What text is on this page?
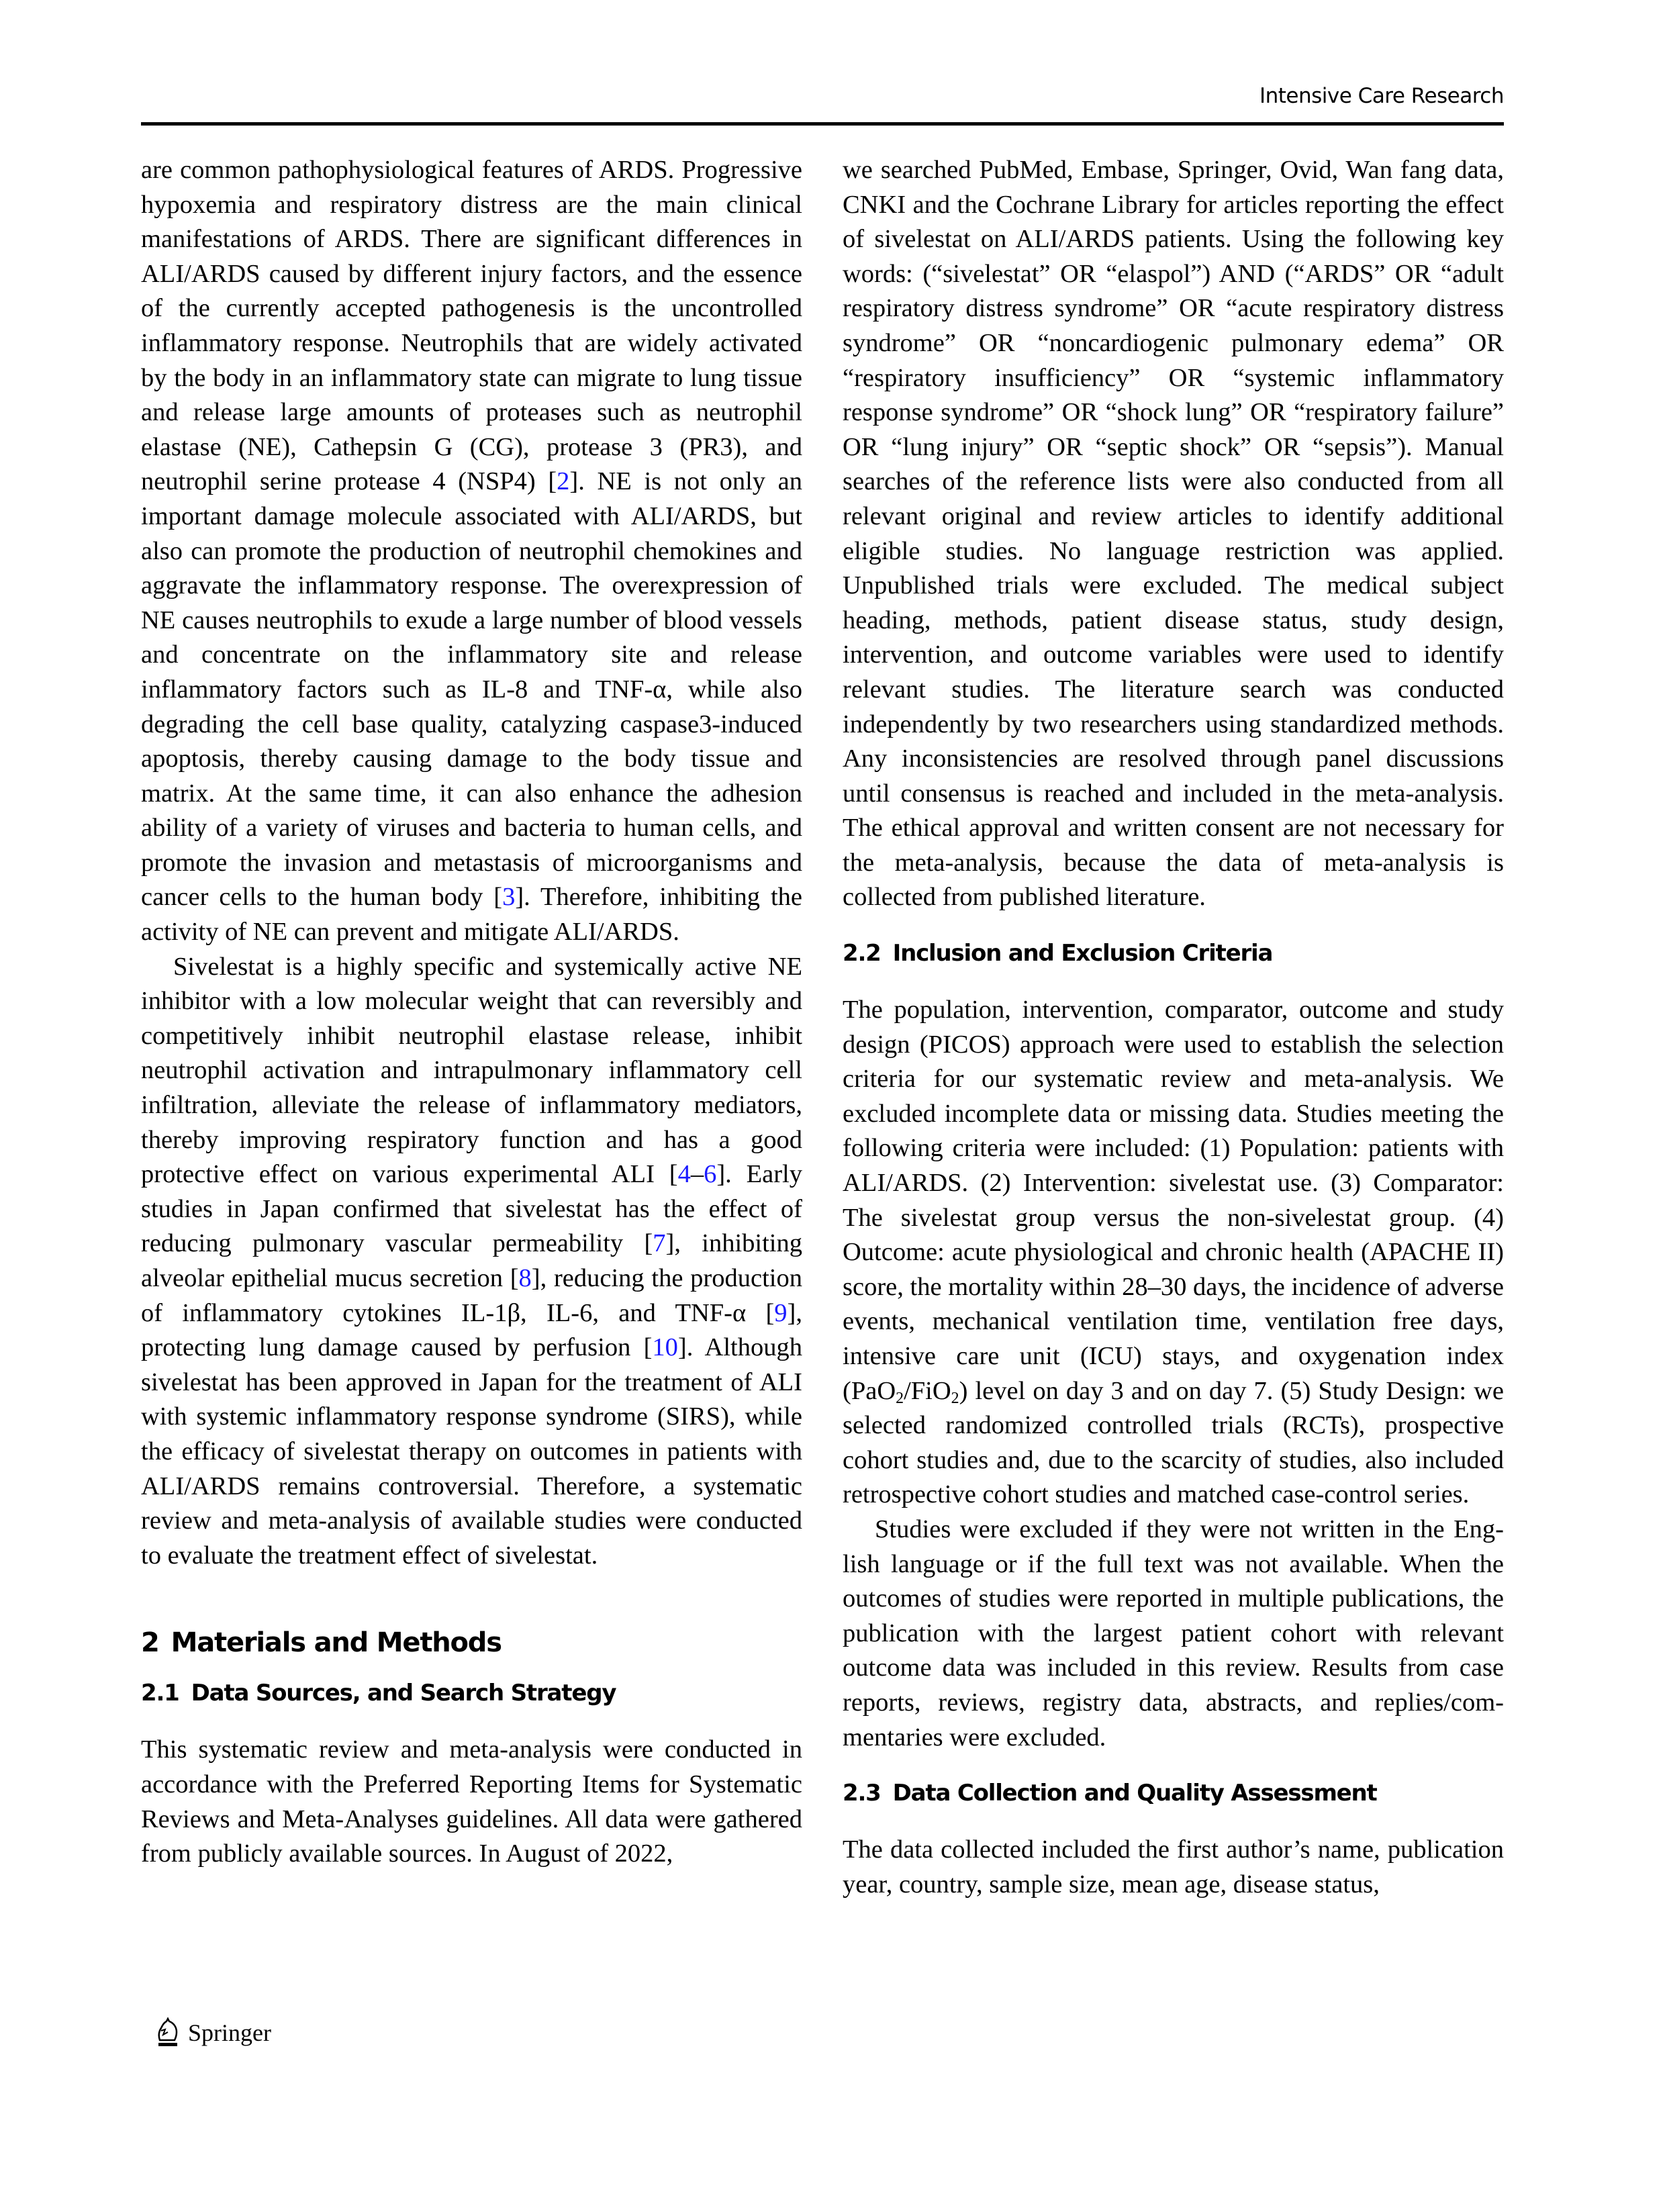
Intensive Care Research

are common pathophysiological features of ARDS. Progressive hypoxemia and respiratory distress are the main clinical manifestations of ARDS. There are significant differences in ALI/ARDS caused by different injury factors, and the essence of the currently accepted pathogenesis is the uncontrolled inflammatory response. Neutrophils that are widely activated by the body in an inflammatory state can migrate to lung tissue and release large amounts of proteases such as neutrophil elastase (NE), Cathepsin G (CG), protease 3 (PR3), and neutrophil serine protease 4 (NSP4) [2]. NE is not only an important damage molecule associated with ALI/ARDS, but also can promote the production of neutrophil chemokines and aggravate the inflammatory response. The overexpression of NE causes neutrophils to exude a large number of blood vessels and concentrate on the inflammatory site and release inflammatory factors such as IL-8 and TNF-α, while also degrading the cell base quality, catalyzing caspase3-induced apoptosis, thereby causing damage to the body tissue and matrix. At the same time, it can also enhance the adhesion ability of a variety of viruses and bacteria to human cells, and promote the invasion and metastasis of microorganisms and cancer cells to the human body [3]. Therefore, inhibiting the activity of NE can prevent and mitigate ALI/ARDS.

Sivelestat is a highly specific and systemically active NE inhibitor with a low molecular weight that can reversibly and competitively inhibit neutrophil elastase release, inhibit neutrophil activation and intrapulmonary inflammatory cell infiltration, alleviate the release of inflammatory mediators, thereby improving respiratory function and has a good protective effect on various experimental ALI [4–6]. Early studies in Japan confirmed that sivelestat has the effect of reducing pulmonary vascular permeability [7], inhibiting alveolar epithelial mucus secretion [8], reducing the production of inflammatory cytokines IL-1β, IL-6, and TNF-α [9], protecting lung damage caused by perfusion [10]. Although sivelestat has been approved in Japan for the treatment of ALI with systemic inflammatory response syndrome (SIRS), while the efficacy of sivelestat therapy on outcomes in patients with ALI/ARDS remains controversial. Therefore, a systematic review and meta-analysis of available studies were conducted to evaluate the treatment effect of sivelestat.

2 Materials and Methods
2.1 Data Sources, and Search Strategy

This systematic review and meta-analysis were conducted in accordance with the Preferred Reporting Items for Systematic Reviews and Meta-Analyses guidelines. All data were gathered from publicly available sources. In August of 2022,

we searched PubMed, Embase, Springer, Ovid, Wan fang data, CNKI and the Cochrane Library for articles reporting the effect of sivelestat on ALI/ARDS patients. Using the following key words: (“sivelestat” OR “elaspol”) AND (“ARDS” OR “adult respiratory distress syndrome” OR “acute respiratory distress syndrome” OR “noncardiogenic pulmonary edema” OR “respiratory insufficiency” OR “systemic inflammatory response syndrome” OR “shock lung” OR “respiratory failure” OR “lung injury” OR “septic shock” OR “sepsis”). Manual searches of the reference lists were also conducted from all relevant original and review articles to identify additional eligible studies. No language restriction was applied. Unpublished trials were excluded. The medical subject heading, methods, patient disease status, study design, intervention, and outcome variables were used to identify relevant studies. The literature search was conducted independently by two researchers using standardized methods. Any inconsistencies are resolved through panel discussions until consensus is reached and included in the meta-analysis. The ethical approval and written consent are not necessary for the meta-analysis, because the data of meta-analysis is collected from published literature.

2.2 Inclusion and Exclusion Criteria

The population, intervention, comparator, outcome and study design (PICOS) approach were used to establish the selection criteria for our systematic review and meta-analysis. We excluded incomplete data or missing data. Studies meeting the following criteria were included: (1) Population: patients with ALI/ARDS. (2) Intervention: sivelestat use. (3) Comparator: The sivelestat group versus the non-sivelestat group. (4) Outcome: acute physiological and chronic health (APACHE II) score, the mortality within 28–30 days, the incidence of adverse events, mechanical ventilation time, ventilation free days, intensive care unit (ICU) stays, and oxygenation index (PaO$_2$/FiO$_2$) level on day 3 and on day 7. (5) Study Design: we selected randomized controlled trials (RCTs), prospective cohort studies and, due to the scarcity of studies, also included retrospective cohort studies and matched case-control series.

Studies were excluded if they were not written in the English language or if the full text was not available. When the outcomes of studies were reported in multiple publications, the publication with the largest patient cohort with relevant outcome data was included in this review. Results from case reports, reviews, registry data, abstracts, and replies/commentaries were excluded.

2.3 Data Collection and Quality Assessment

The data collected included the first author’s name, publication year, country, sample size, mean age, disease status,

Springer
